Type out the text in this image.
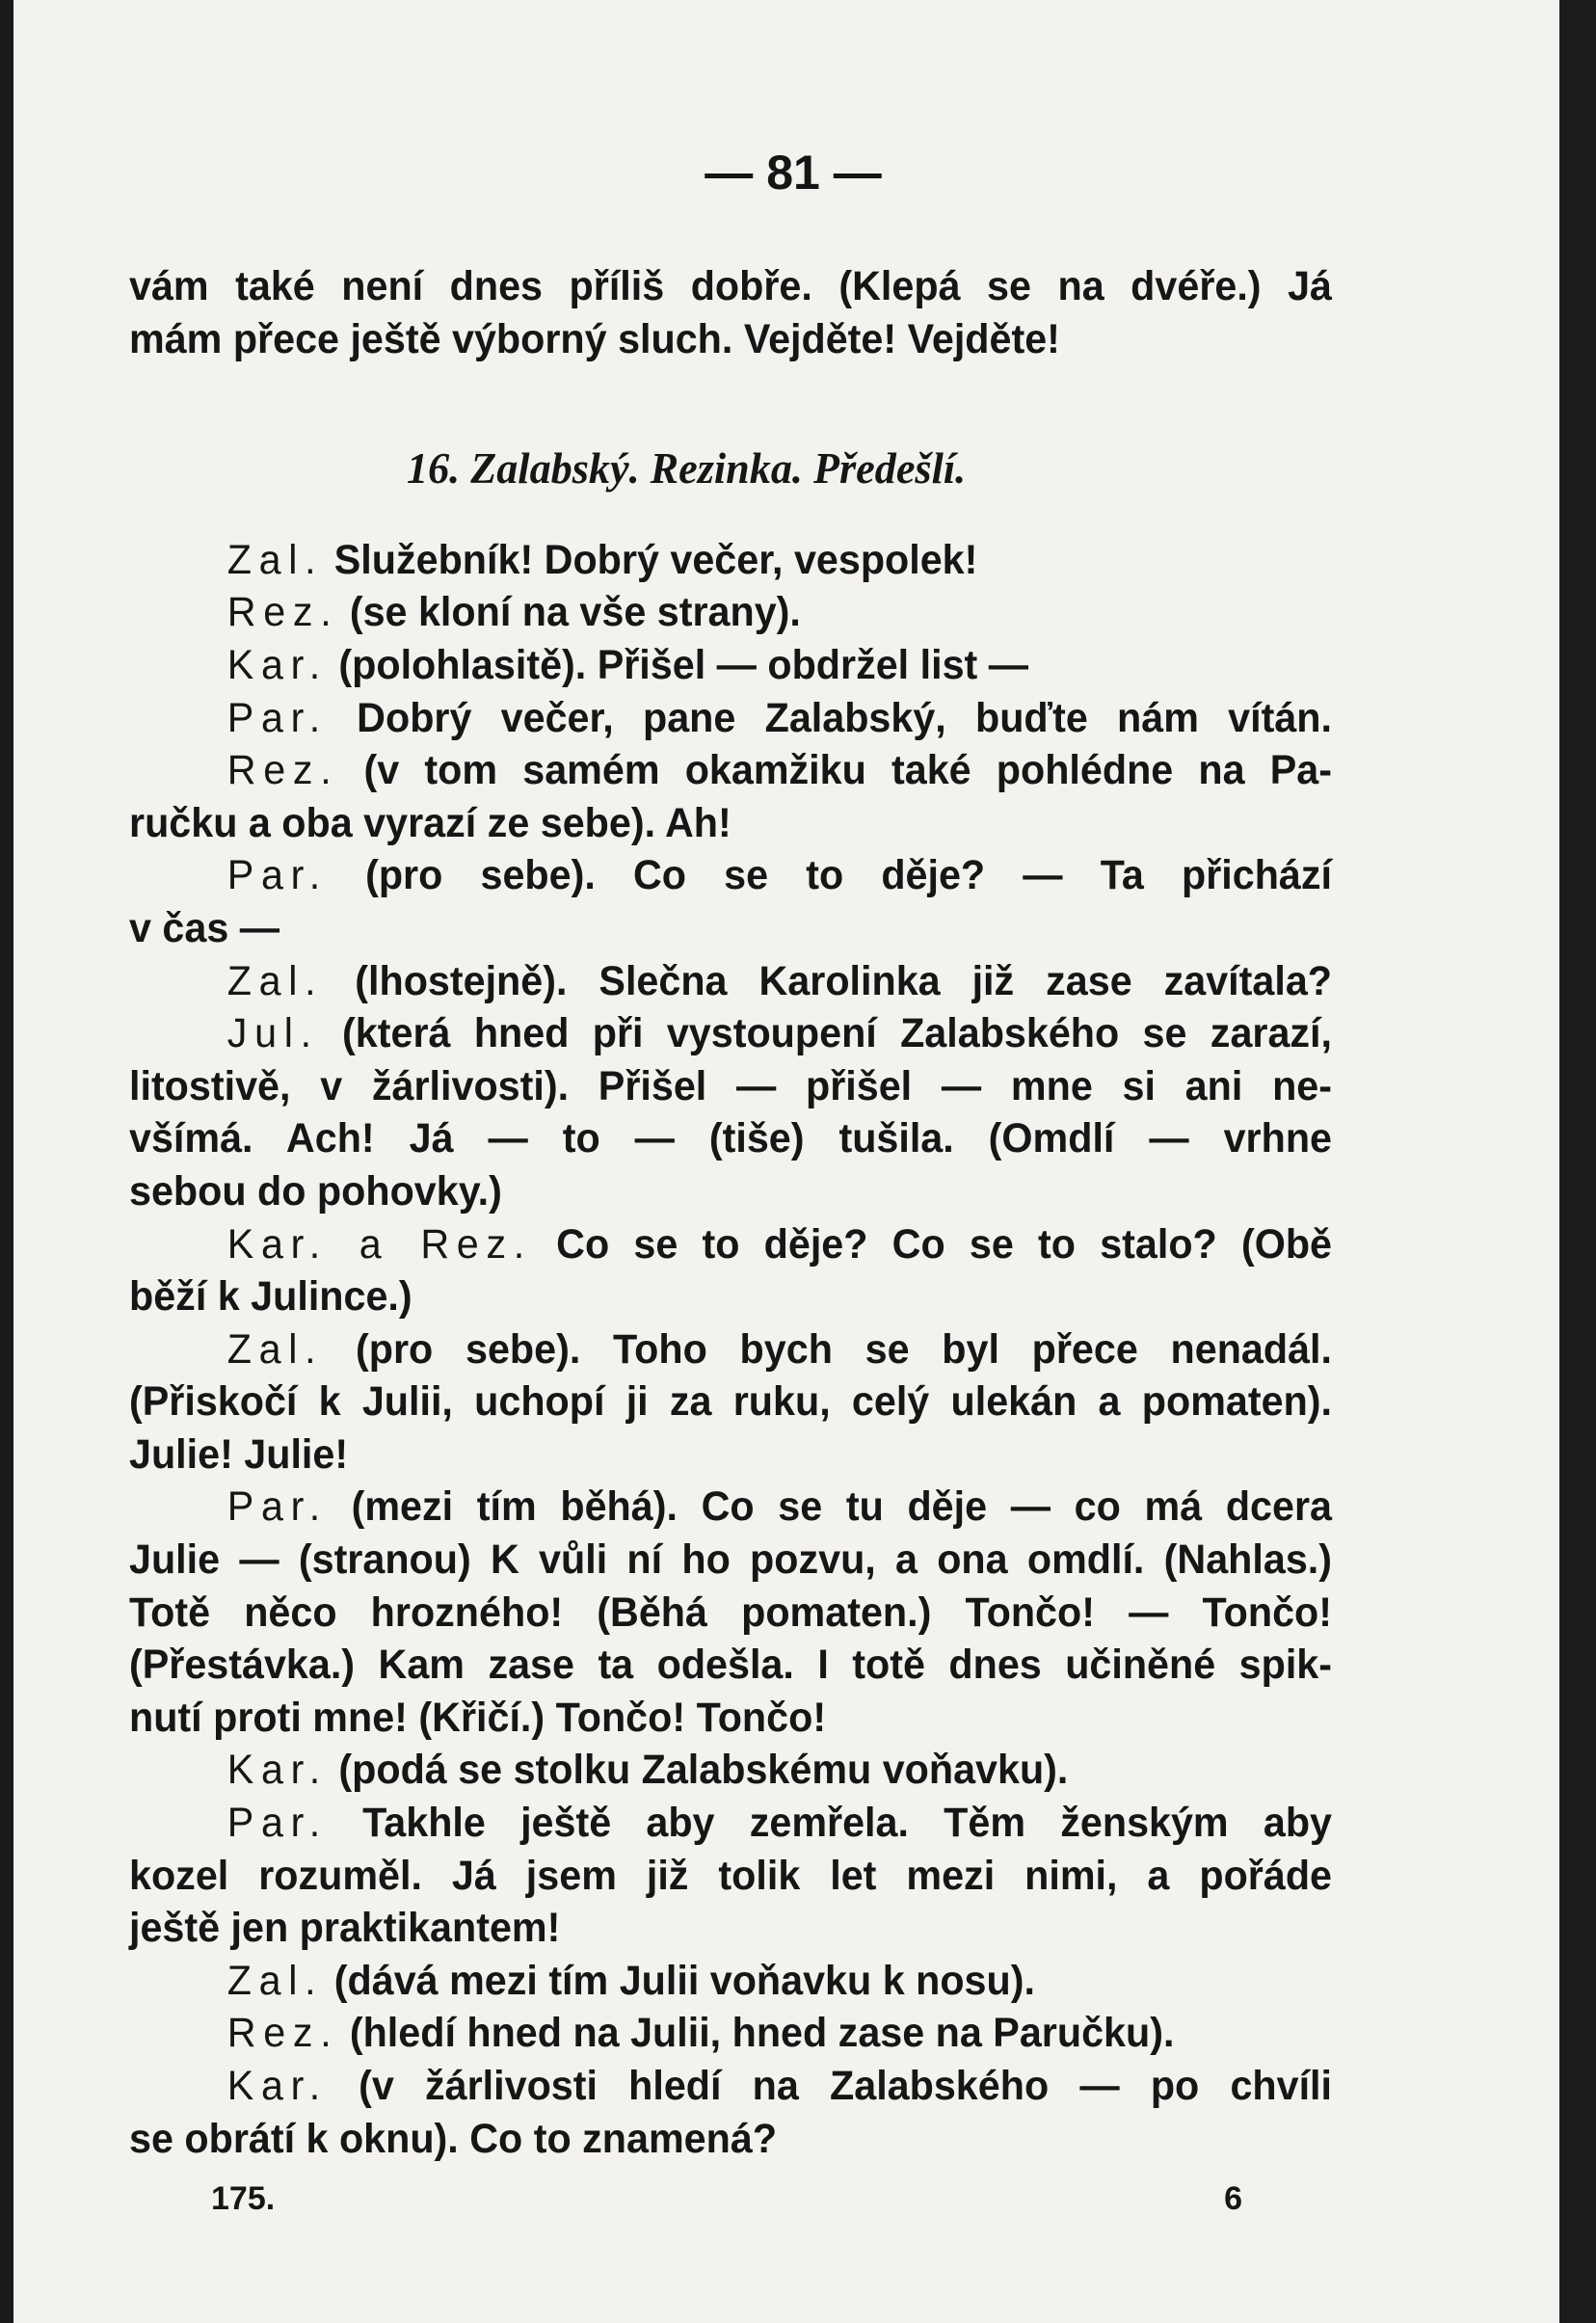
— 81 —
vám také není dnes příliš dobře. (Klepá se na dvéře.) Já
mám přece ještě výborný sluch. Vejděte! Vejděte!
16. Zalabský. Rezinka. Předešlí.
Zal. Služebník! Dobrý večer, vespolek!
Rez. (se kloní na vše strany).
Kar. (polohlasitě). Přišel — obdržel list —
Par. Dobrý večer, pane Zalabský, buďte nám vítán.
Rez. (v tom samém okamžiku také pohlédne na Pa-
ručku a oba vyrazí ze sebe). Ah!
Par. (pro sebe). Co se to děje? — Ta přichází
v čas —
Zal. (lhostejně). Slečna Karolinka již zase zavítala?
Jul. (která hned při vystoupení Zalabského se zarazí,
litostivě, v žárlivosti). Přišel — přišel — mne si ani ne-
všímá. Ach! Já — to — (tiše) tušila. (Omdlí — vrhne
sebou do pohovky.)
Kar. a Rez. Co se to děje? Co se to stalo? (Obě
běží k Julince.)
Zal. (pro sebe). Toho bych se byl přece nenadál.
(Přiskočí k Julii, uchopí ji za ruku, celý ulekán a pomaten).
Julie! Julie!
Par. (mezi tím běhá). Co se tu děje — co má dcera
Julie — (stranou) K vůli ní ho pozvu, a ona omdlí. (Nahlas.)
Totě něco hrozného! (Běhá pomaten.) Tončo! — Tončo!
(Přestávka.) Kam zase ta odešla. I totě dnes učiněné spik-
nutí proti mne! (Křičí.) Tončo! Tončo!
Kar. (podá se stolku Zalabskému voňavku).
Par. Takhle ještě aby zemřela. Těm ženským aby
kozel rozuměl. Já jsem již tolik let mezi nimi, a pořáde
ještě jen praktikantem!
Zal. (dává mezi tím Julii voňavku k nosu).
Rez. (hledí hned na Julii, hned zase na Paručku).
Kar. (v žárlivosti hledí na Zalabského — po chvíli
se obrátí k oknu). Co to znamená?
175.	6
